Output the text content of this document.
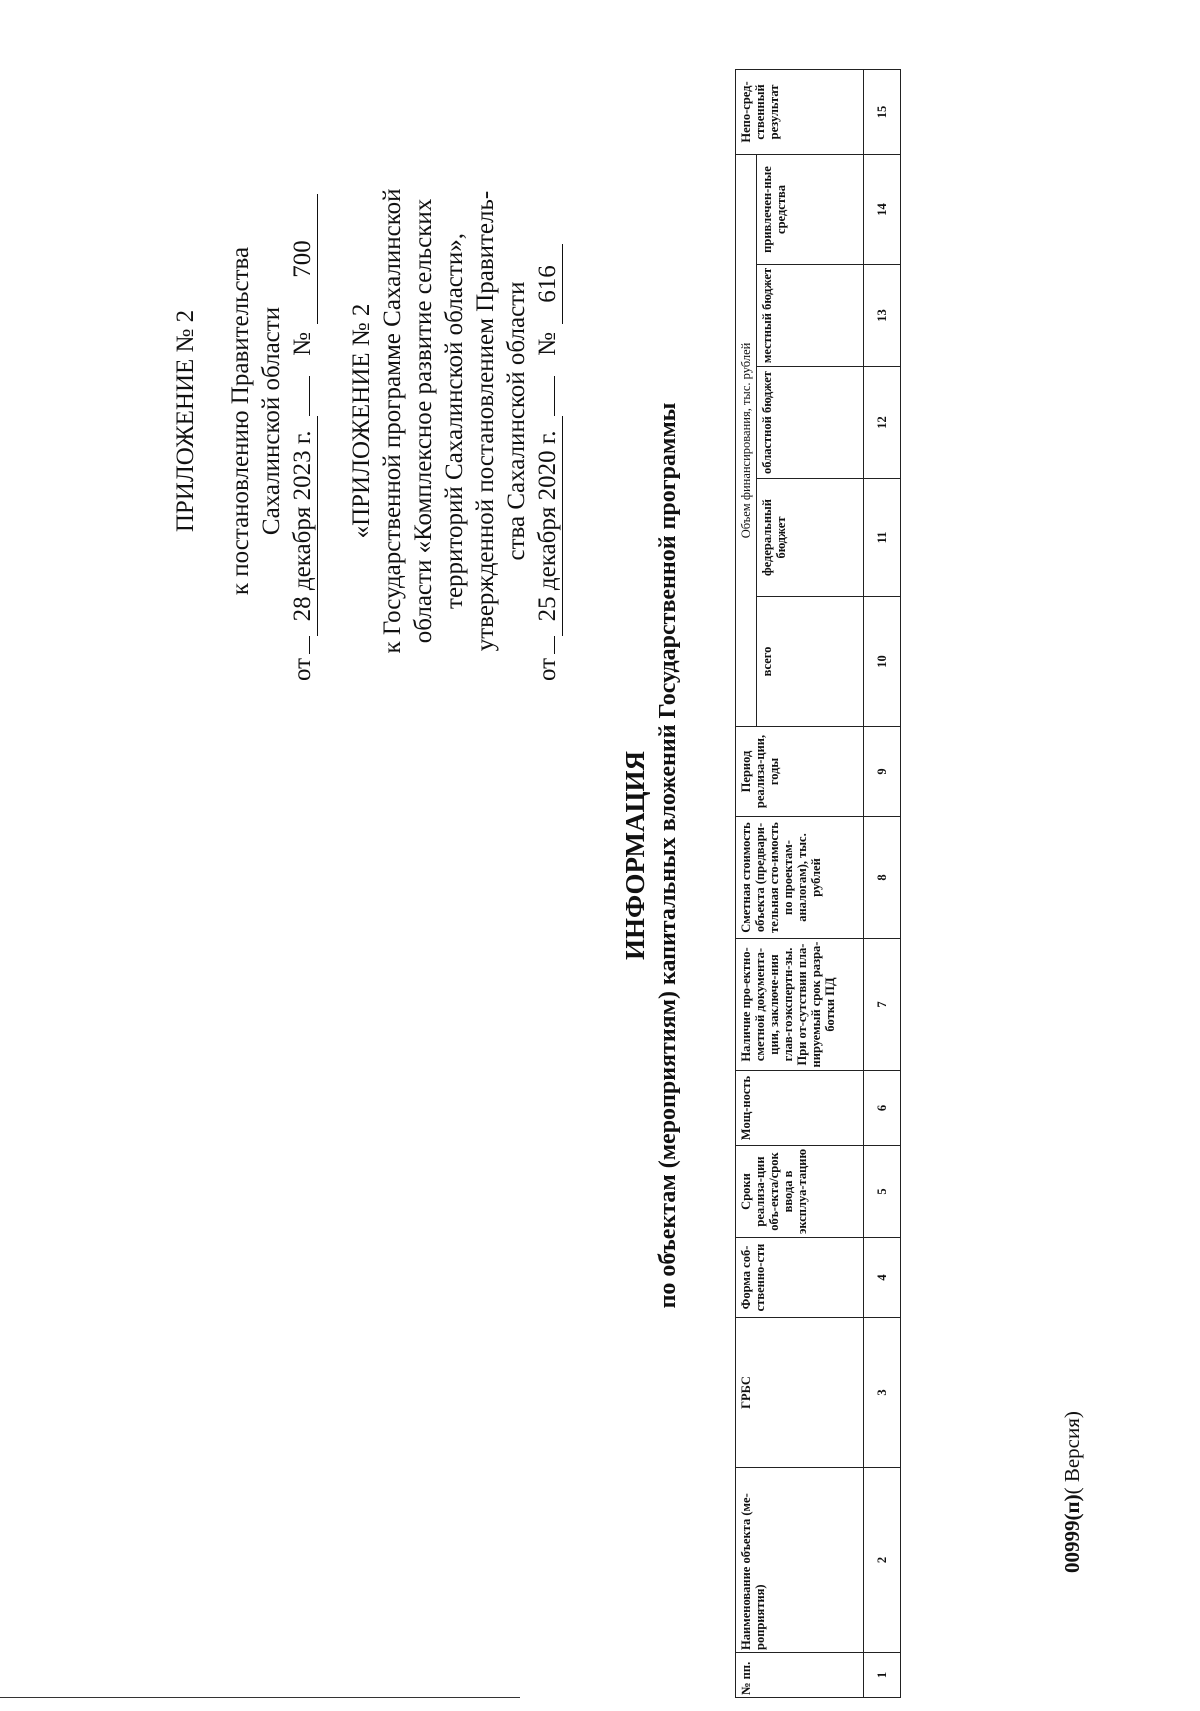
ПРИЛОЖЕНИЕ № 2 к постановлению Правительства Сахалинской области
от
28 декабря 2023 г.
№
700
«ПРИЛОЖЕНИЕ № 2 к Государственной программе Сахалинской области «Комплексное развитие сельских территорий Сахалинской области», утвержденной постановлением Правитель- ства Сахалинской области
от
25 декабря 2020 г.
№
616
ИНФОРМАЦИЯ по объектам (мероприятиям) капитальных вложений Государственной программы
№ пп.	Наименование объекта (ме-роприятия)	ГРБС	Форма соб-ственно-сти	Сроки реализа-ции объ-екта/срок ввода в эксплуа-тацию	Мощ-ность	Наличие про-ектно-сметной документа-ции, заключе-ния глав-гоэкспертн-зы. При от-сутствии пла-нируемый срок разра-ботки ПД	Сметная стоимость объекта (предвари-тельная сто-имость по проектам-аналогам), тыс. рублей	Период реализа-ции, годы	Объем финансирования, тыс. рублей					Непо-сред-ственный результат
									всего	федеральный бюджет	областной бюджет	местный бюджет	привлечен-ные средства	
1	2	3	4	5	6	7	8	9	10	11	12	13	14	15
00999(п)( Версия)
